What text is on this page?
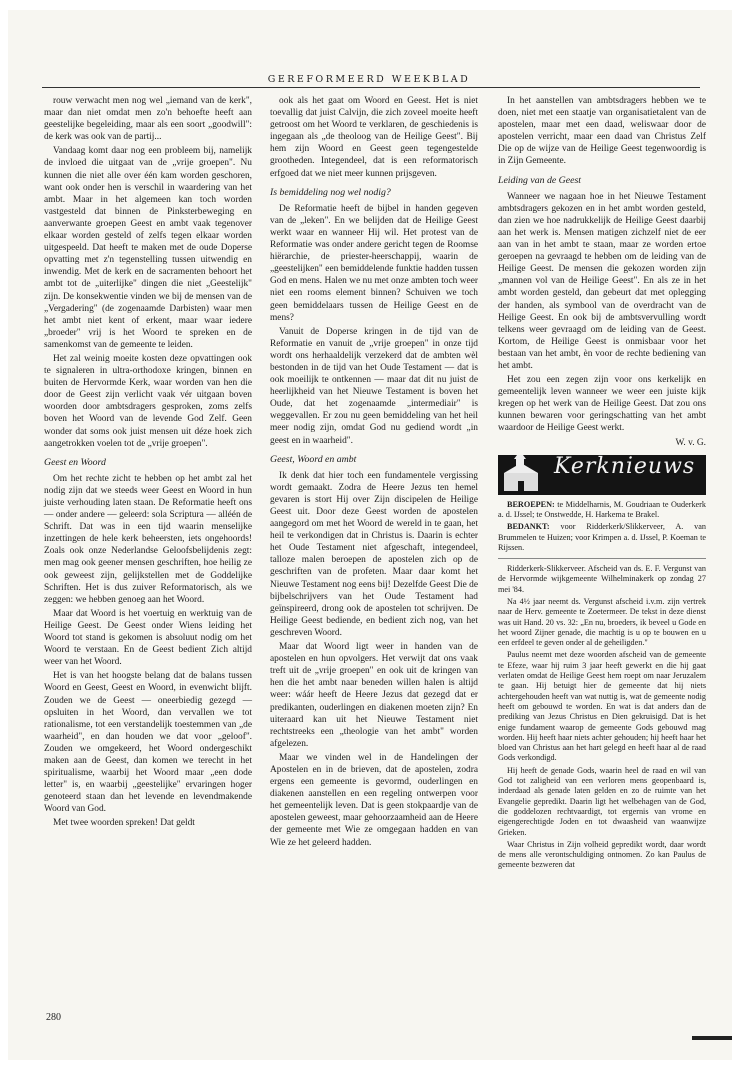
GEREFORMEERD WEEKBLAD

rouw verwacht men nog wel „iemand van de kerk", maar dan niet omdat men zo'n behoefte heeft aan geestelijke begeleiding, maar als een soort „goodwill": de kerk was ook van de partij...

Vandaag komt daar nog een probleem bij, namelijk de invloed die uitgaat van de „vrije groepen". Nu kunnen die niet alle over één kam worden geschoren, want ook onder hen is verschil in waardering van het ambt. Maar in het algemeen kan toch worden vastgesteld dat binnen de Pinksterbeweging en aanverwante groepen Geest en ambt vaak tegenover elkaar worden gesteld of zelfs tegen elkaar worden uitgespeeld. Dat heeft te maken met de oude Doperse opvatting met z'n tegenstelling tussen uitwendig en inwendig. Met de kerk en de sacramenten behoort het ambt tot de „uiterlijke" dingen die niet „Geestelijk" zijn. De konsekwentie vinden we bij de mensen van de „Vergadering" (de zogenaamde Darbisten) waar men het ambt niet kent of erkent, maar waar iedere „broeder" vrij is het Woord te spreken en de samenkomst van de gemeente te leiden.

Het zal weinig moeite kosten deze opvattingen ook te signaleren in ultra-orthodoxe kringen, binnen en buiten de Hervormde Kerk, waar worden van hen die door de Geest zijn verlicht vaak vér uitgaan boven woorden door ambtsdragers gesproken, zoms zelfs boven het Woord van de levende God Zelf. Geen wonder dat soms ook juist mensen uit déze hoek zich aangetrokken voelen tot de „vrije groepen".

Geest en Woord

Om het rechte zicht te hebben op het ambt zal het nodig zijn dat we steeds weer Geest en Woord in hun juiste verhouding laten staan. De Reformatie heeft ons — onder andere — geleerd: sola Scriptura — alléén de Schrift. Dat was in een tijd waarin menselijke inzettingen de hele kerk beheersten, iets ongehoords! Zoals ook onze Nederlandse Geloofsbelijdenis zegt: men mag ook geener mensen geschriften, hoe heilig ze ook geweest zijn, gelijkstellen met de Goddelijke Schriften. Het is dus zuiver Reformatorisch, als we zeggen: we hebben genoeg aan het Woord.

Maar dat Woord is het voertuig en werktuig van de Heilige Geest. De Geest onder Wiens leiding het Woord tot stand is gekomen is absoluut nodig om het Woord te verstaan. En de Geest bedient Zich altijd weer van het Woord.

Het is van het hoogste belang dat de balans tussen Woord en Geest, Geest en Woord, in evenwicht blijft. Zouden we de Geest — oneerbiedig gezegd — opsluiten in het Woord, dan vervallen we tot rationalisme, tot een verstandelijk toestemmen van „de waarheid", en dan houden we dat voor „geloof". Zouden we omgekeerd, het Woord ondergeschikt maken aan de Geest, dan komen we terecht in het spiritualisme, waarbij het Woord maar „een dode letter" is, en waarbij „geestelijke" ervaringen hoger genoteerd staan dan het levende en levendmakende Woord van God.

Met twee woorden spreken! Dat geldt

ook als het gaat om Woord en Geest. Het is niet toevallig dat juist Calvijn, die zich zoveel moeite heeft getroost om het Woord te verklaren, de geschiedenis is ingegaan als „de theoloog van de Heilige Geest". Bij hem zijn Woord en Geest geen tegengestelde grootheden. Integendeel, dat is een reformatorisch erfgoed dat we niet meer kunnen prijsgeven.

Is bemiddeling nog wel nodig?

De Reformatie heeft de bijbel in handen gegeven van de „leken". En we belijden dat de Heilige Geest werkt waar en wanneer Hij wil. Het protest van de Reformatie was onder andere gericht tegen de Roomse hiërarchie, de priester-heerschappij, waarin de „geestelijken" een bemiddelende funktie hadden tussen God en mens. Halen we nu met onze ambten toch weer niet een rooms element binnen? Schuiven we toch geen bemiddelaars tussen de Heilige Geest en de mens?

Vanuit de Doperse kringen in de tijd van de Reformatie en vanuit de „vrije groepen" in onze tijd wordt ons herhaaldelijk verzekerd dat de ambten wèl bestonden in de tijd van het Oude Testament — dat is ook moeilijk te ontkennen — maar dat dit nu juist de heerlijkheid van het Nieuwe Testament is boven het Oude, dat het zogenaamde „intermediair" is weggevallen. Er zou nu geen bemiddeling van het heil meer nodig zijn, omdat God nu gediend wordt „in geest en in waarheid".

Geest, Woord en ambt

Ik denk dat hier toch een fundamentele vergissing wordt gemaakt. Zodra de Heere Jezus ten hemel gevaren is stort Hij over Zijn discipelen de Heilige Geest uit. Door deze Geest worden de apostelen aangegord om met het Woord de wereld in te gaan, het heil te verkondigen dat in Christus is. Daarin is echter het Oude Testament niet afgeschaft, integendeel, talloze malen beroepen de apostelen zich op de geschriften van de profeten. Maar daar komt het Nieuwe Testament nog eens bij! Dezelfde Geest Die de bijbelschrijvers van het Oude Testament had geïnspireerd, drong ook de apostelen tot schrijven. De Heilige Geest bediende, en bedient zich nog, van het geschreven Woord.

Maar dat Woord ligt weer in handen van de apostelen en hun opvolgers. Het verwijt dat ons vaak treft uit de „vrije groepen" en ook uit de kringen van hen die het ambt naar beneden willen halen is altijd weer: wáár heeft de Heere Jezus dat gezegd dat er predikanten, ouderlingen en diakenen moeten zijn? En uiteraard kan uit het Nieuwe Testament niet rechtstreeks een „theologie van het ambt" worden afgelezen.

Maar we vinden wel in de Handelingen der Apostelen en in de brieven, dat de apostelen, zodra ergens een gemeente is gevormd, ouderlingen en diakenen aanstellen en een regeling ontwerpen voor het gemeentelijk leven. Dat is geen stokpaardje van de apostelen geweest, maar gehoorzaamheid aan de Heere der gemeente met Wie ze omgegaan hadden en van Wie ze het geleerd hadden.

In het aanstellen van ambtsdragers hebben we te doen, niet met een staatje van organisatietalent van de apostelen, maar met een daad, weliswaar door de apostelen verricht, maar een daad van Christus Zelf Die op de wijze van de Heilige Geest tegenwoordig is in Zijn Gemeente.

Leiding van de Geest

Wanneer we nagaan hoe in het Nieuwe Testament ambtsdragers gekozen en in het ambt worden gesteld, dan zien we hoe nadrukkelijk de Heilige Geest daarbij aan het werk is. Mensen matigen zichzelf niet de eer aan van in het ambt te staan, maar ze worden ertoe geroepen na gevraagd te hebben om de leiding van de Heilige Geest. De mensen die gekozen worden zijn „mannen vol van de Heilige Geest". En als ze in het ambt worden gesteld, dan gebeurt dat met oplegging der handen, als symbool van de overdracht van de Heilige Geest. En ook bij de ambtsvervulling wordt telkens weer gevraagd om de leiding van de Geest. Kortom, de Heilige Geest is onmisbaar voor het bestaan van het ambt, èn voor de rechte bediening van het ambt.

Het zou een zegen zijn voor ons kerkelijk en gemeentelijk leven wanneer we weer een juiste kijk kregen op het werk van de Heilige Geest. Dat zou ons kunnen bewaren voor geringschatting van het ambt waardoor de Heilige Geest werkt.

W. v. G.

Kerknieuws

BEROEPEN: te Middelharnis, M. Goudriaan te Ouderkerk a. d. IJssel; te Onstwedde, H. Harkema te Brakel.

BEDANKT: voor Ridderkerk/Slikkerveer, A. van Brummelen te Huizen; voor Krimpen a. d. IJssel, P. Koeman te Rijssen.

Ridderkerk-Slikkerveer. Afscheid van ds. E. F. Vergunst van de Hervormde wijkgemeente Wilhelminakerk op zondag 27 mei '84.

Na 4½ jaar neemt ds. Vergunst afscheid i.v.m. zijn vertrek naar de Herv. gemeente te Zoetermeer. De tekst in deze dienst was uit Hand. 20 vs. 32: „En nu, broeders, ik beveel u Gode en het woord Zijner genade, die machtig is u op te bouwen en u een erfdeel te geven onder al de geheiligden."

Paulus neemt met deze woorden afscheid van de gemeente te Efeze, waar hij ruim 3 jaar heeft gewerkt en die hij gaat verlaten omdat de Heilige Geest hem roept om naar Jeruzalem te gaan. Hij betuigt hier de gemeente dat hij niets achtergehouden heeft van wat nuttig is, wat de gemeente nodig heeft om gebouwd te worden. En wat is dat anders dan de prediking van Jezus Christus en Dien gekruisigd. Dat is het enige fundament waarop de gemeente Gods gebouwd mag worden. Hij heeft haar niets achter gehouden; hij heeft haar het bloed van Christus aan het hart gelegd en heeft haar al de raad Gods verkondigd.

Hij heeft de genade Gods, waarin heel de raad en wil van God tot zaligheid van een verloren mens geopenbaard is, inderdaad als genade laten gelden en zo de ruimte van het Evangelie gepredikt. Daarin ligt het welbehagen van de God, die goddelozen rechtvaardigt, tot ergernis van vrome en eigengerechtigde Joden en tot dwaasheid van waanwijze Grieken.

Waar Christus in Zijn volheid gepredikt wordt, daar wordt de mens alle verontschuldiging ontnomen. Zo kan Paulus de gemeente bezweren dat

280
